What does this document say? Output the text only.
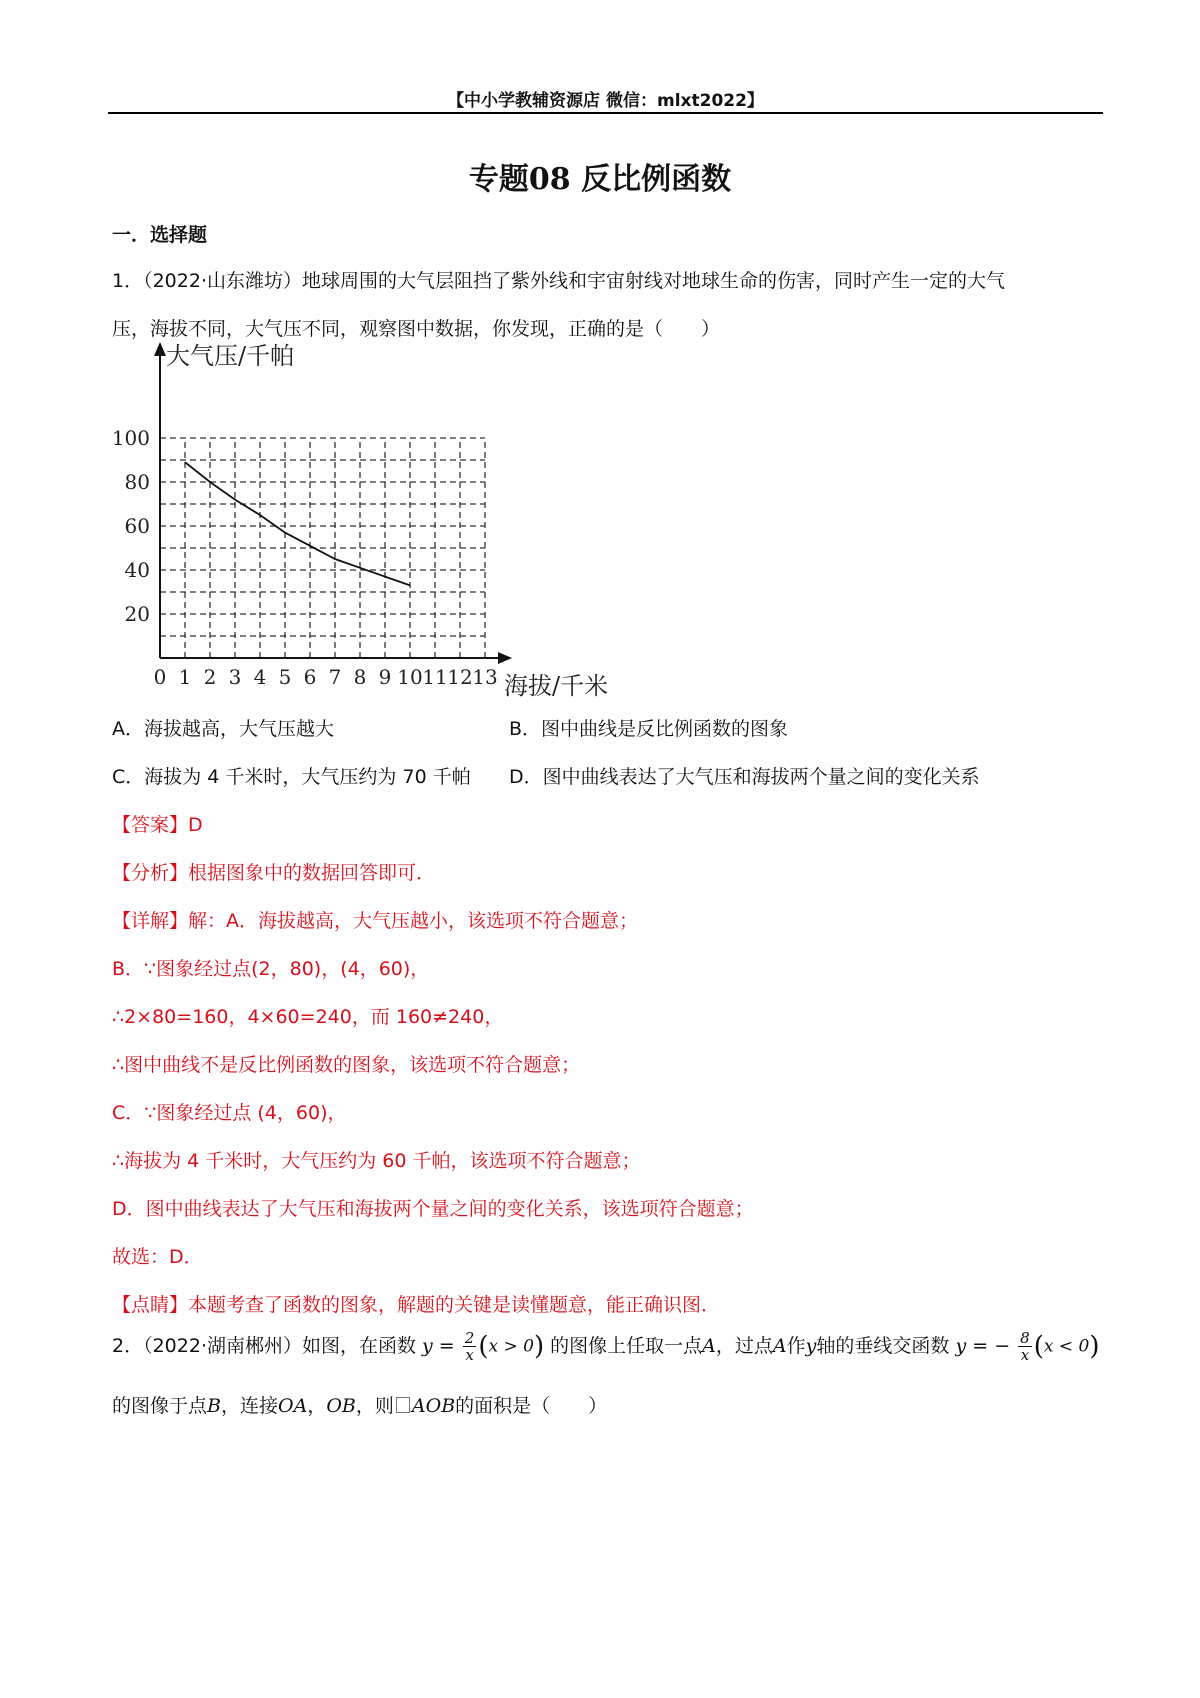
【中小学教辅资源店 微信：mlxt2022】
专题08 反比例函数
一．选择题
1．（2022·山东潍坊）地球周围的大气层阻挡了紫外线和宇宙射线对地球生命的伤害，同时产生一定的大气
压，海拔不同，大气压不同，观察图中数据，你发现，正确的是（　　）
0 1 2 3 4 5 6 7 8 9 10 11 12 13
20
40
60
80
100
大气压/千帕
海拔/千米
A．海拔越高，大气压越大	B．图中曲线是反比例函数的图象
C．海拔为 4 千米时，大气压约为 70 千帕 D．图中曲线表达了大气压和海拔两个量之间的变化关系
【答案】D
【分析】根据图象中的数据回答即可．
【详解】解：A．海拔越高，大气压越小，该选项不符合题意；
B．∵图象经过点(2，80)，(4，60)，
∴2×80=160，4×60=240，而 160≠240，
∴图中曲线不是反比例函数的图象，该选项不符合题意；
C．∵图象经过点 (4，60)，
∴海拔为 4 千米时，大气压约为 60 千帕，该选项不符合题意；
D．图中曲线表达了大气压和海拔两个量之间的变化关系，该选项符合题意；
故选：D．
【点睛】本题考查了函数的图象，解题的关键是读懂题意，能正确识图．
2．（2022·湖南郴州）如图，在函数 $y = \frac{2}{x} (x > 0)$ 的图像上任取一点A，过点A作y轴的垂线交函数 y = − $\frac{8}{x} (x < 0)$
的图像于点B，连接OA，OB，则 AOB的面积是（　　）
